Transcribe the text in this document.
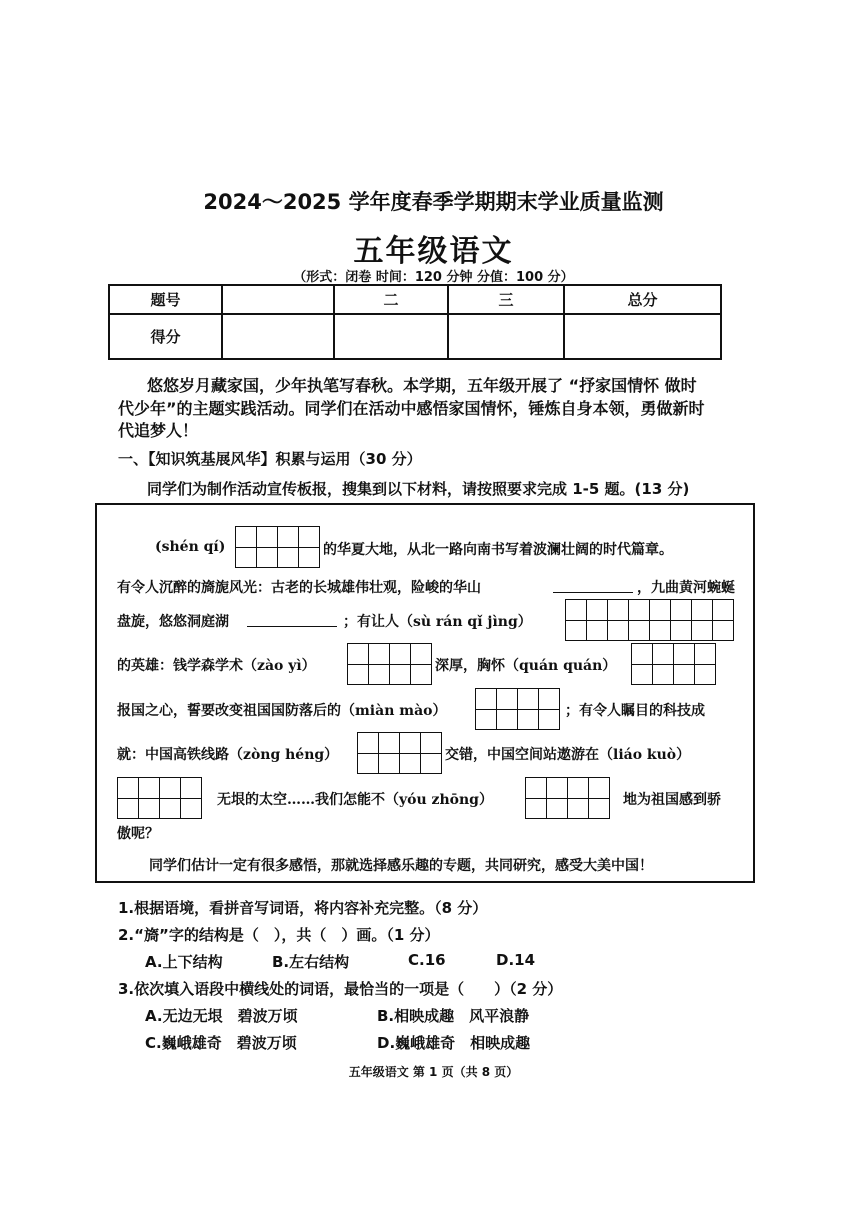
2024～2025 学年度春季学期期末学业质量监测
五年级语文
（形式：闭卷 时间：120 分钟 分值：100 分）
题号		二	三	总分
得分				
悠悠岁月藏家国，少年执笔写春秋。本学期，五年级开展了 “抒家国情怀 做时
代少年”的主题实践活动。同学们在活动中感悟家国情怀，锤炼自身本领，勇做新时
代追梦人！
一、【知识筑基展风华】积累与运用（30 分）
同学们为制作活动宣传板报，搜集到以下材料，请按照要求完成 1-5 题。(13 分)
(shén qí)	的华夏大地，从北一路向南书写着波澜壮阔的时代篇章。
有令人沉醉的旖旎风光：古老的长城雄伟壮观，险峻的华山	，九曲黄河蜿蜒
盘旋，悠悠洞庭湖	；有让人（sù rán qǐ jìng）
的英雄：钱学森学术（zào yì）	深厚，胸怀（quán quán）
报国之心，誓要改变祖国国防落后的（miàn mào）	；有令人瞩目的科技成
就：中国高铁线路（zòng héng）	交错，中国空间站遨游在（liáo kuò）
无垠的太空……我们怎能不（yóu zhōng）	地为祖国感到骄
傲呢？
同学们估计一定有很多感悟，那就选择感乐趣的专题，共同研究，感受大美中国！
1.根据语境，看拼音写词语，将内容补充完整。（8 分）
2.“旖”字的结构是（　），共（　）画。（1 分）
A.上下结构	B.左右结构	C.16	D.14
3.依次填入语段中横线处的词语，最恰当的一项是（　　）（2 分）
A.无边无垠　碧波万顷	B.相映成趣　风平浪静
C.巍峨雄奇　碧波万顷	D.巍峨雄奇　相映成趣
五年级语文 第 1 页（共 8 页）
